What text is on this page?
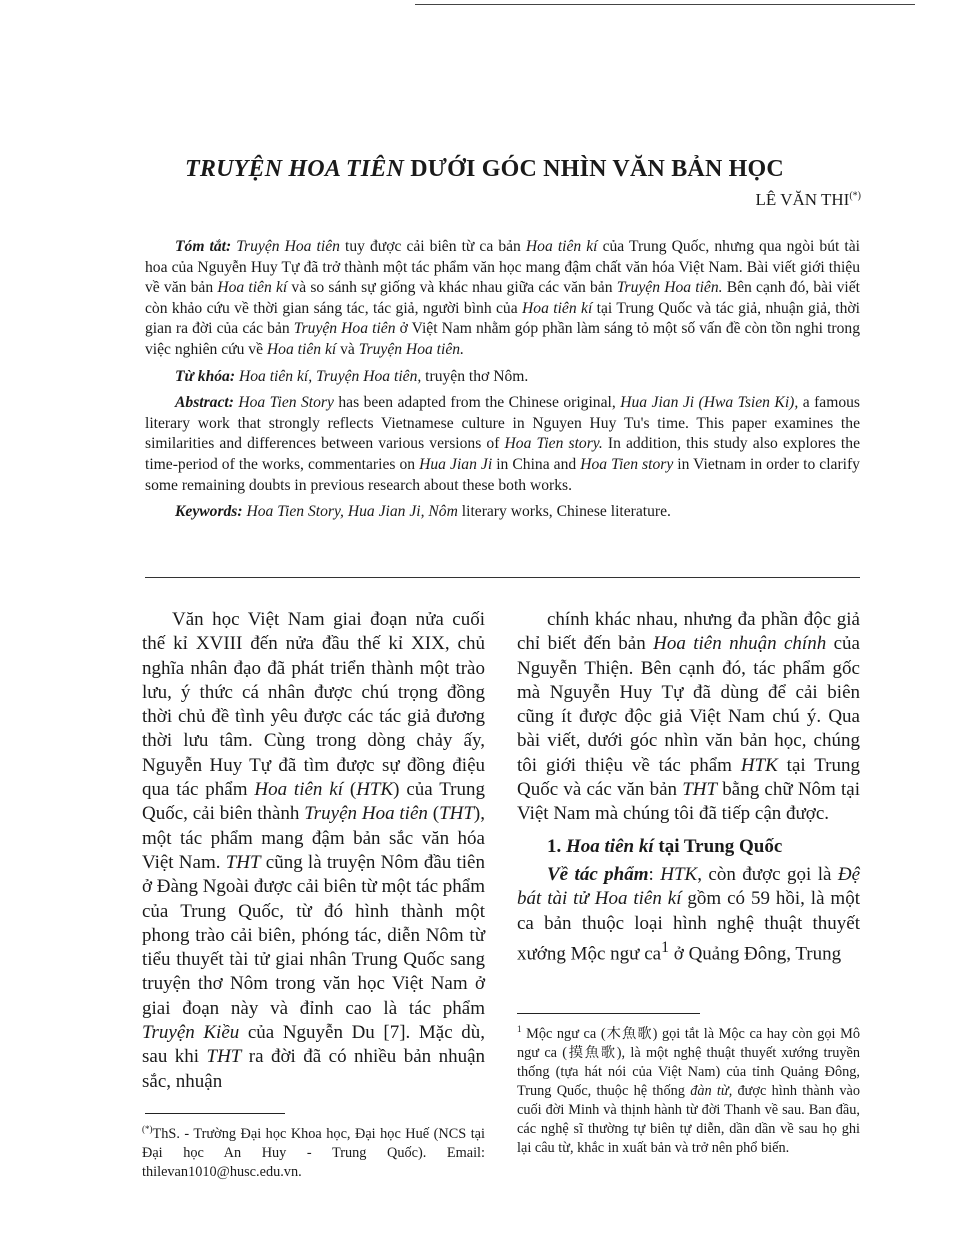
TRUYỆN HOA TIÊN DƯỚI GÓC NHÌN VĂN BẢN HỌC
LÊ VĂN THI(*)

Tóm tắt: Truyện Hoa tiên tuy được cải biên từ ca bản Hoa tiên kí của Trung Quốc, nhưng qua ngòi bút tài hoa của Nguyễn Huy Tự đã trở thành một tác phẩm văn học mang đậm chất văn hóa Việt Nam. Bài viết giới thiệu về văn bản Hoa tiên kí và so sánh sự giống và khác nhau giữa các văn bản Truyện Hoa tiên. Bên cạnh đó, bài viết còn khảo cứu về thời gian sáng tác, tác giả, người bình của Hoa tiên kí tại Trung Quốc và tác giả, nhuận giả, thời gian ra đời của các bản Truyện Hoa tiên ở Việt Nam nhằm góp phần làm sáng tỏ một số vấn đề còn tồn nghi trong việc nghiên cứu về Hoa tiên kí và Truyện Hoa tiên.

Từ khóa: Hoa tiên kí, Truyện Hoa tiên, truyện thơ Nôm.

Abstract: Hoa Tien Story has been adapted from the Chinese original, Hua Jian Ji (Hwa Tsien Ki), a famous literary work that strongly reflects Vietnamese culture in Nguyen Huy Tu's time. This paper examines the similarities and differences between various versions of Hoa Tien story. In addition, this study also explores the time-period of the works, commentaries on Hua Jian Ji in China and Hoa Tien story in Vietnam in order to clarify some remaining doubts in previous research about these both works.

Keywords: Hoa Tien Story, Hua Jian Ji, Nôm literary works, Chinese literature.

Văn học Việt Nam giai đoạn nửa cuối thế kỉ XVIII đến nửa đầu thế kỉ XIX, chủ nghĩa nhân đạo đã phát triển thành một trào lưu, ý thức cá nhân được chú trọng đồng thời chủ đề tình yêu được các tác giả đương thời lưu tâm. Cùng trong dòng chảy ấy, Nguyễn Huy Tự đã tìm được sự đồng điệu qua tác phẩm Hoa tiên kí (HTK) của Trung Quốc, cải biên thành Truyện Hoa tiên (THT), một tác phẩm mang đậm bản sắc văn hóa Việt Nam. THT cũng là truyện Nôm đầu tiên ở Đàng Ngoài được cải biên từ một tác phẩm của Trung Quốc, từ đó hình thành một phong trào cải biên, phóng tác, diễn Nôm từ tiểu thuyết tài tử giai nhân Trung Quốc sang truyện thơ Nôm trong văn học Việt Nam ở giai đoạn này và đỉnh cao là tác phẩm Truyện Kiều của Nguyễn Du [7]. Mặc dù, sau khi THT ra đời đã có nhiều bản nhuận sắc, nhuận

chính khác nhau, nhưng đa phần độc giả chỉ biết đến bản Hoa tiên nhuận chính của Nguyễn Thiện. Bên cạnh đó, tác phẩm gốc mà Nguyễn Huy Tự đã dùng để cải biên cũng ít được độc giả Việt Nam chú ý. Qua bài viết, dưới góc nhìn văn bản học, chúng tôi giới thiệu về tác phẩm HTK tại Trung Quốc và các văn bản THT bằng chữ Nôm tại Việt Nam mà chúng tôi đã tiếp cận được.

1. Hoa tiên kí tại Trung Quốc

Về tác phẩm: HTK, còn được gọi là Đệ bát tài tử Hoa tiên kí gồm có 59 hồi, là một ca bản thuộc loại hình nghệ thuật thuyết xướng Mộc ngư $ca^1$ ở Quảng Đông, Trung

$^1$ Mộc ngư ca (木魚歌) gọi tắt là Mộc ca hay còn gọi Mô ngư ca (摸魚歌), là một nghệ thuật thuyết xướng truyền thống (tựa hát nói của Việt Nam) của tỉnh Quảng Đông, Trung Quốc, thuộc hệ thống đàn từ, được hình thành vào cuối đời Minh và thịnh hành từ đời Thanh về sau. Ban đầu, các nghệ sĩ thường tự biên tự diễn, dần dần về sau họ ghi lại câu từ, khắc in xuất bản và trở nên phổ biến.
(*)ThS. - Trường Đại học Khoa học, Đại học Huế (NCS tại Đại học An Huy - Trung Quốc). Email: thilevan1010@husc.edu.vn.
